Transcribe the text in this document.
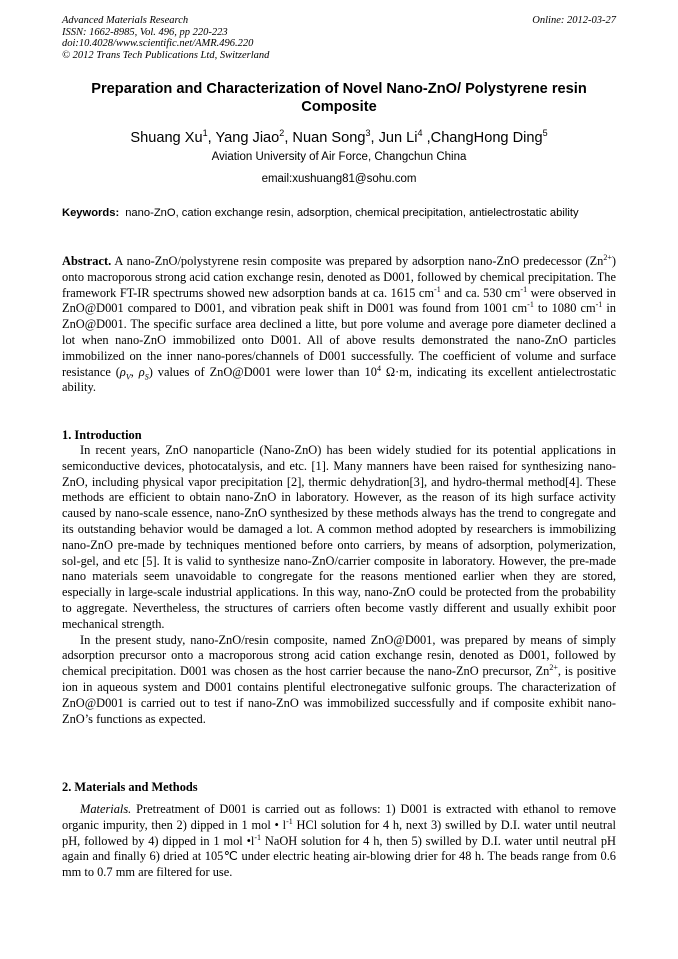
Advanced Materials Research
ISSN: 1662-8985, Vol. 496, pp 220-223
doi:10.4028/www.scientific.net/AMR.496.220
© 2012 Trans Tech Publications Ltd, Switzerland
Online: 2012-03-27
Preparation and Characterization of Novel Nano-ZnO/ Polystyrene resin
Composite
Shuang Xu$^1$, Yang Jiao$^2$, Nuan Song$^3$, Jun Li$^4$ ,ChangHong Ding$^5$
Aviation University of Air Force, Changchun China
email:xushuang81@sohu.com
Keywords: nano-ZnO, cation exchange resin, adsorption, chemical precipitation, antielectrostatic ability

Abstract. A nano-ZnO/polystyrene resin composite was prepared by adsorption nano-ZnO predecessor $(Zn^{2+})$ onto macroporous strong acid cation exchange resin, denoted as D001, followed by chemical precipitation. The framework FT-IR spectrums showed new adsorption bands at ca. 1615 $cm^{-1}$ and ca. 530 $cm^{-1}$ were observed in ZnO@D001 compared to D001, and vibration peak shift in D001 was found from 1001 $cm^{-1}$ to 1080 $cm^{-1}$ in ZnO@D001. The specific surface area declined a litte, but pore volume and average pore diameter declined a lot when nano-ZnO immobilized onto D001. All of above results demonstrated the nano-ZnO particles immobilized on the inner nano-pores/channels of D001 successfully. The coefficient of volume and surface resistance ($\rho_V$, $\rho_S$) values of ZnO@D001 were lower than $10^4$ Ω·m, indicating its excellent antielectrostatic ability.

1. Introduction

In recent years, ZnO nanoparticle (Nano-ZnO) has been widely studied for its potential applications in semiconductive devices, photocatalysis, and etc. [1]. Many manners have been raised for synthesizing nano-ZnO, including physical vapor precipitation [2], thermic dehydration[3], and hydro-thermal method[4]. These methods are efficient to obtain nano-ZnO in laboratory. However, as the reason of its high surface activity caused by nano-scale essence, nano-ZnO synthesized by these methods always has the trend to congregate and its outstanding behavior would be damaged a lot. A common method adopted by researchers is immobilizing nano-ZnO pre-made by techniques mentioned before onto carriers, by means of adsorption, polymerization, sol-gel, and etc [5]. It is valid to synthesize nano-ZnO/carrier composite in laboratory. However, the pre-made nano materials seem unavoidable to congregate for the reasons mentioned earlier when they are stored, especially in large-scale industrial applications. In this way, nano-ZnO could be protected from the probability to aggregate. Nevertheless, the structures of carriers often become vastly different and usually exhibit poor mechanical strength.

In the present study, nano-ZnO/resin composite, named ZnO@D001, was prepared by means of simply adsorption precursor onto a macroporous strong acid cation exchange resin, denoted as D001, followed by chemical precipitation. D001 was chosen as the host carrier because the nano-ZnO precursor, $Zn^{2+}$, is positive ion in aqueous system and D001 contains plentiful electronegative sulfonic groups. The characterization of ZnO@D001 is carried out to test if nano-ZnO was immobilized successfully and if composite exhibit nano-ZnO’s functions as expected.

2. Materials and Methods

Materials. Pretreatment of D001 is carried out as follows: 1) D001 is extracted with ethanol to remove organic impurity, then 2) dipped in 1 mol • $l^{-1}$ HCl solution for 4 h, next 3) swilled by D.I. water until neutral pH, followed by 4) dipped in 1 mol $•l^{-1}$ NaOH solution for 4 h, then 5) swilled by D.I. water until neutral pH again and finally 6) dried at 105℃ under electric heating air-blowing drier for 48 h. The beads range from 0.6 mm to 0.7 mm are filtered for use.
